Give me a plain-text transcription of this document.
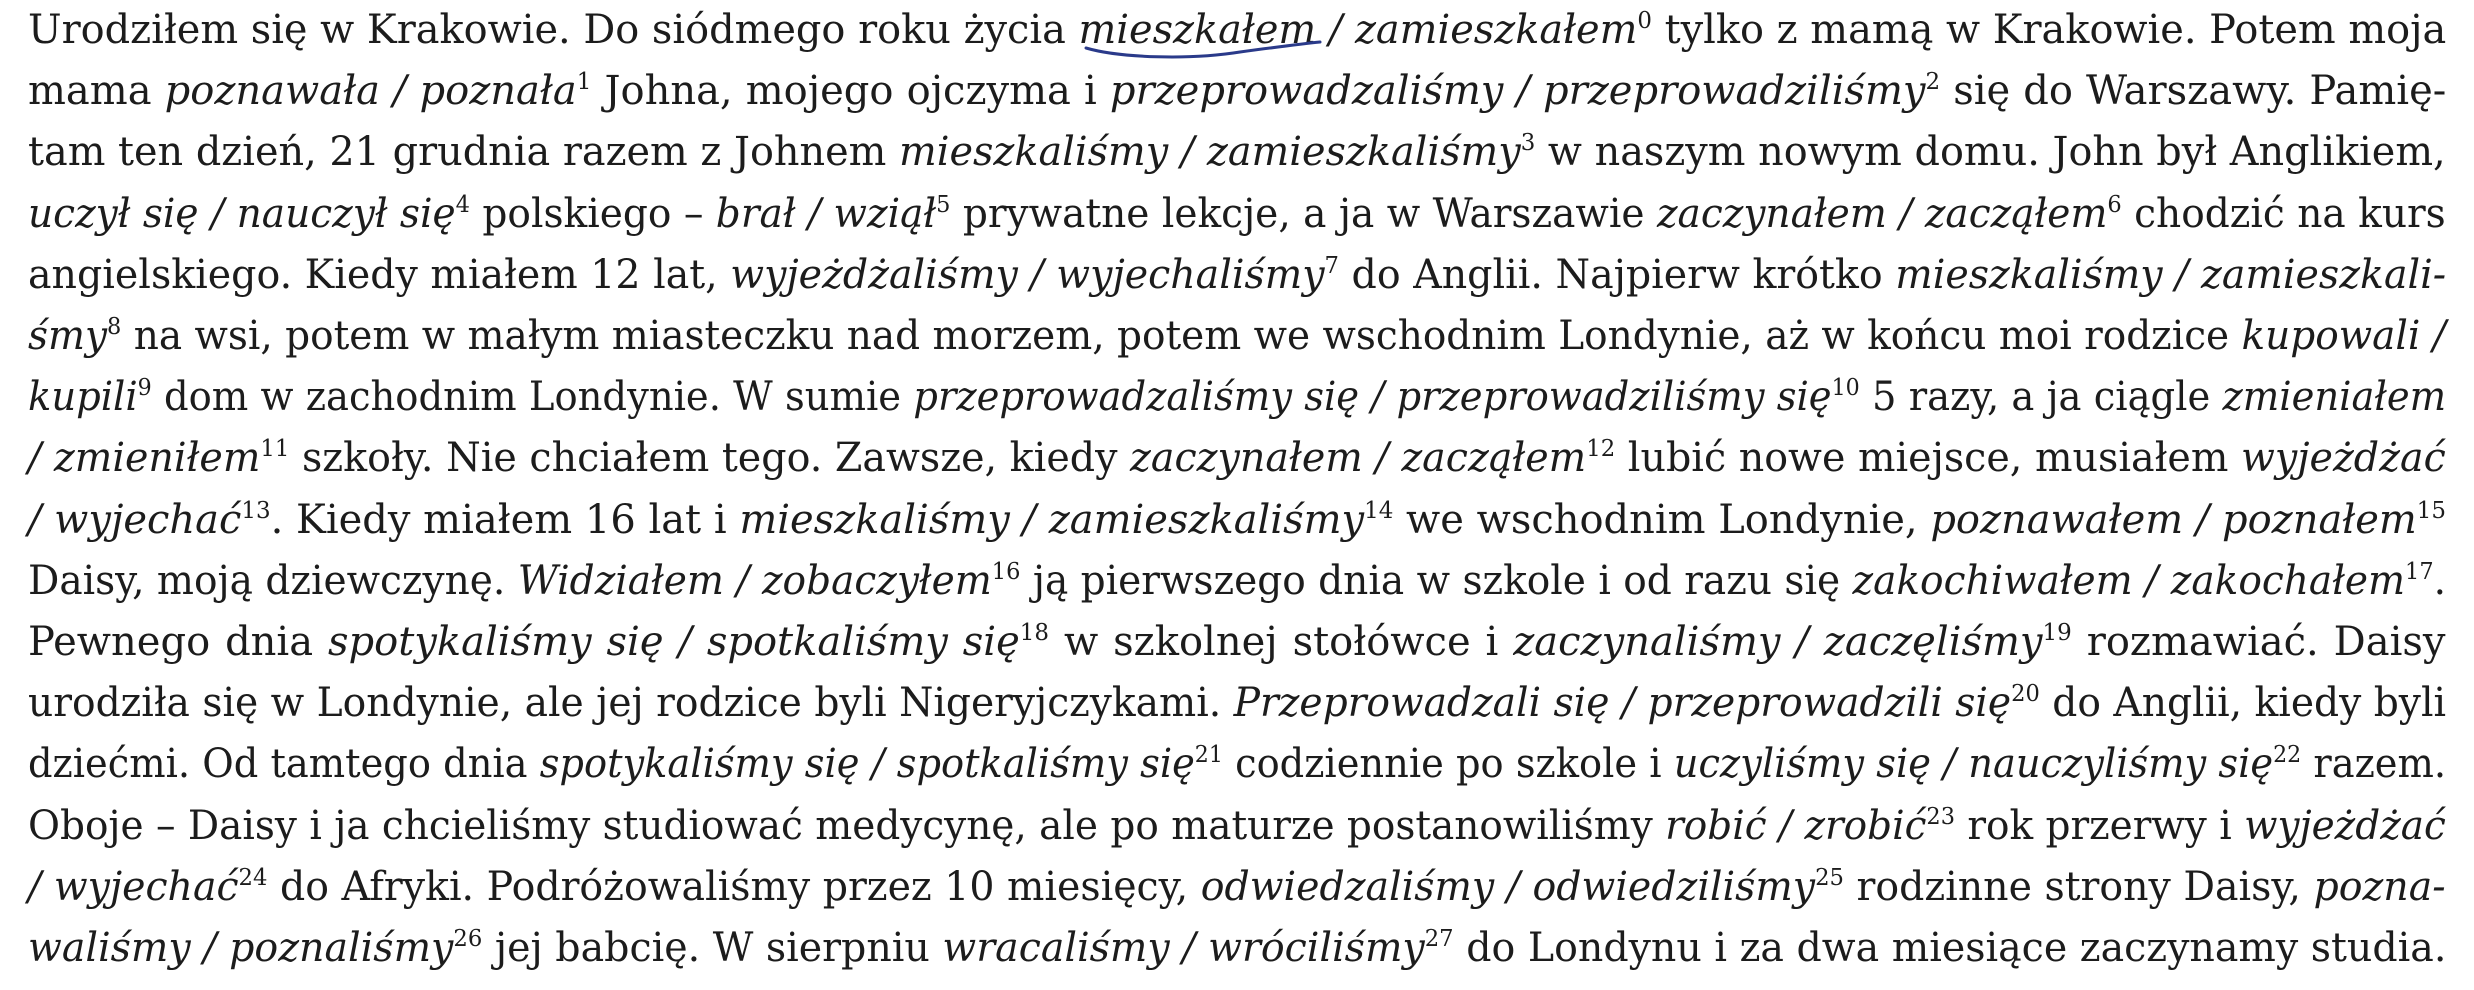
Urodziłem się w Krakowie. Do siódmego roku życia mieszkałem / zamieszkałem$^0$ tylko z mamą w Krakowie. Potem moja
mama poznawała / poznała$^1$ Johna, mojego ojczyma i przeprowadzaliśmy / przeprowadziliśmy$^2$ się do Warszawy. Pamię-
tam ten dzień, 21 grudnia razem z Johnem mieszkaliśmy / zamieszkaliśmy$^3$ w naszym nowym domu. John był Anglikiem,
uczył się / nauczył się$^4$ polskiego – brał / wziął$^5$ prywatne lekcje, a ja w Warszawie zaczynałem / zacząłem$^6$ chodzić na kurs
angielskiego. Kiedy miałem 12 lat, wyjeżdżaliśmy / wyjechaliśmy$^7$ do Anglii. Najpierw krótko mieszkaliśmy / zamieszkali-
śmy$^8$ na wsi, potem w małym miasteczku nad morzem, potem we wschodnim Londynie, aż w końcu moi rodzice kupowali /
kupili$^9$ dom w zachodnim Londynie. W sumie przeprowadzaliśmy się / przeprowadziliśmy się$^{10}$ 5 razy, a ja ciągle zmieniałem
/ zmieniłem$^{11}$ szkoły. Nie chciałem tego. Zawsze, kiedy zaczynałem / zacząłem$^{12}$ lubić nowe miejsce, musiałem wyjeżdżać
/ wyjechać$^{13}$. Kiedy miałem 16 lat i mieszkaliśmy / zamieszkaliśmy$^{14}$ we wschodnim Londynie, poznawałem / poznałem$^{15}$
Daisy, moją dziewczynę. Widziałem / zobaczyłem$^{16}$ ją pierwszego dnia w szkole i od razu się zakochiwałem / zakochałem$^{17}$.
Pewnego dnia spotykaliśmy się / spotkaliśmy się$^{18}$ w szkolnej stołówce i zaczynaliśmy / zaczęliśmy$^{19}$ rozmawiać. Daisy
urodziła się w Londynie, ale jej rodzice byli Nigeryjczykami. Przeprowadzali się / przeprowadzili się$^{20}$ do Anglii, kiedy byli
dziećmi. Od tamtego dnia spotykaliśmy się / spotkaliśmy się$^{21}$ codziennie po szkole i uczyliśmy się / nauczyliśmy się$^{22}$ razem.
Oboje – Daisy i ja chcieliśmy studiować medycynę, ale po maturze postanowiliśmy robić / zrobić$^{23}$ rok przerwy i wyjeżdżać
/ wyjechać$^{24}$ do Afryki. Podróżowaliśmy przez 10 miesięcy, odwiedzaliśmy / odwiedziliśmy$^{25}$ rodzinne strony Daisy, pozna-
waliśmy / poznaliśmy$^{26}$ jej babcię. W sierpniu wracaliśmy / wróciliśmy$^{27}$ do Londynu i za dwa miesiące zaczynamy studia.
